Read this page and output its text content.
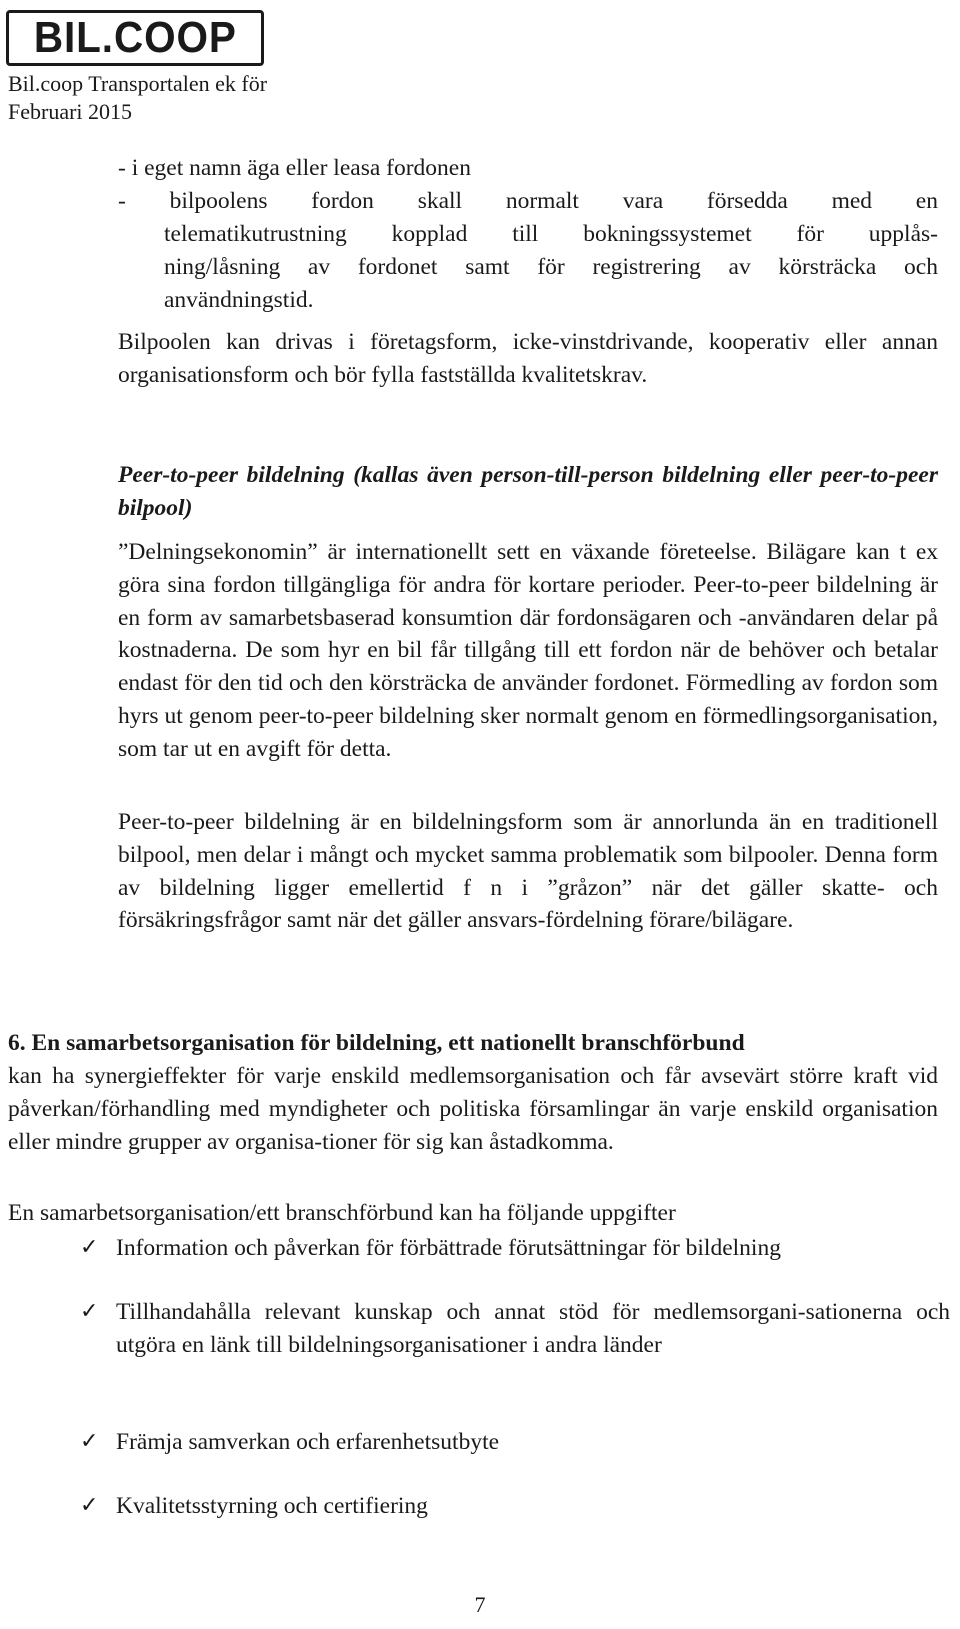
BIL.COOP
Bil.coop Transportalen ek för
Februari 2015
- i eget namn äga eller leasa fordonen
- bilpoolens fordon skall normalt vara försedda med en
telematikutrustning kopplad till bokningssystemet för upplås-
ning/låsning av fordonet samt för registrering av körsträcka och
användningstid.

Bilpoolen kan drivas i företagsform, icke-vinstdrivande, kooperativ eller annan organisationsform och bör fylla fastställda kvalitetskrav.

Peer-to-peer bildelning (kallas även person-till-person bildelning eller peer-to-peer bilpool)

”Delningsekonomin” är internationellt sett en växande företeelse. Bilägare kan t ex göra sina fordon tillgängliga för andra för kortare perioder. Peer-to-peer bildelning är en form av samarbetsbaserad konsumtion där fordonsägaren och -användaren delar på kostnaderna. De som hyr en bil får tillgång till ett fordon när de behöver och betalar endast för den tid och den körsträcka de använder fordonet. Förmedling av fordon som hyrs ut genom peer-to-peer bildelning sker normalt genom en förmedlingsorganisation, som tar ut en avgift för detta.

Peer-to-peer bildelning är en bildelningsform som är annorlunda än en traditionell bilpool, men delar i mångt och mycket samma problematik som bilpooler. Denna form av bildelning ligger emellertid f n i ”gråzon” när det gäller skatte- och försäkringsfrågor samt när det gäller ansvars-fördelning förare/bilägare.

6. En samarbetsorganisation för bildelning, ett nationellt branschförbund

kan ha synergieffekter för varje enskild medlemsorganisation och får avsevärt större kraft vid påverkan/förhandling med myndigheter och politiska församlingar än varje enskild organisation eller mindre grupper av organisa-tioner för sig kan åstadkomma.

En samarbetsorganisation/ett branschförbund kan ha följande uppgifter
✓ Information och påverkan för förbättrade förutsättningar för bildelning
✓ Tillhandahålla relevant kunskap och annat stöd för medlemsorgani-sationerna och utgöra en länk till bildelningsorganisationer i andra länder
✓ Främja samverkan och erfarenhetsutbyte
✓ Kvalitetsstyrning och certifiering
7
